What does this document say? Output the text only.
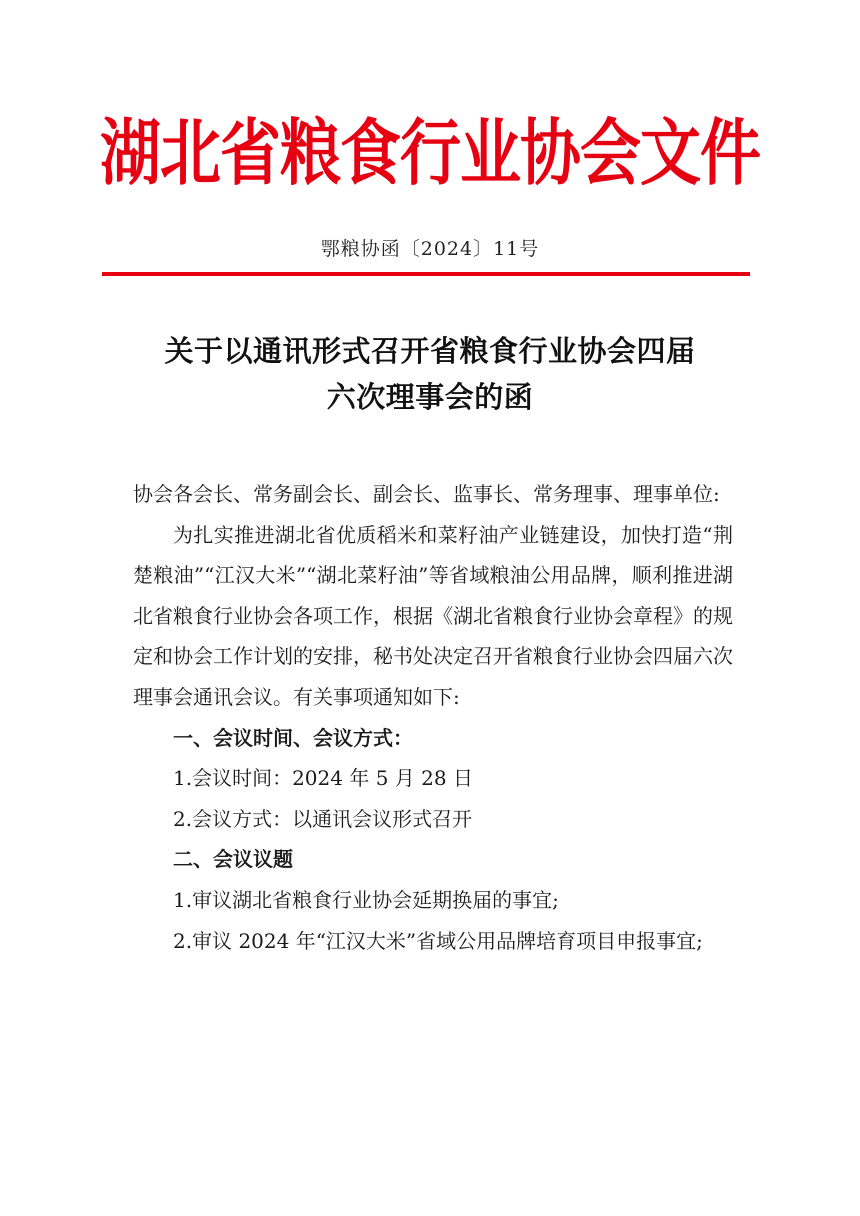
湖北省粮食行业协会文件
鄂粮协函〔2024〕11号
关于以通讯形式召开省粮食行业协会四届
六次理事会的函

协会各会长、常务副会长、副会长、监事长、常务理事、理事单位:

为扎实推进湖北省优质稻米和菜籽油产业链建设，加快打造“荆楚粮油”“江汉大米”“湖北菜籽油”等省域粮油公用品牌，顺利推进湖北省粮食行业协会各项工作，根据《湖北省粮食行业协会章程》的规定和协会工作计划的安排，秘书处决定召开省粮食行业协会四届六次理事会通讯会议。有关事项通知如下:

一、会议时间、会议方式：

1.会议时间：2024 年 5 月 28 日

2.会议方式：以通讯会议形式召开

二、会议议题

1.审议湖北省粮食行业协会延期换届的事宜;

2.审议 2024 年“江汉大米”省域公用品牌培育项目申报事宜;
